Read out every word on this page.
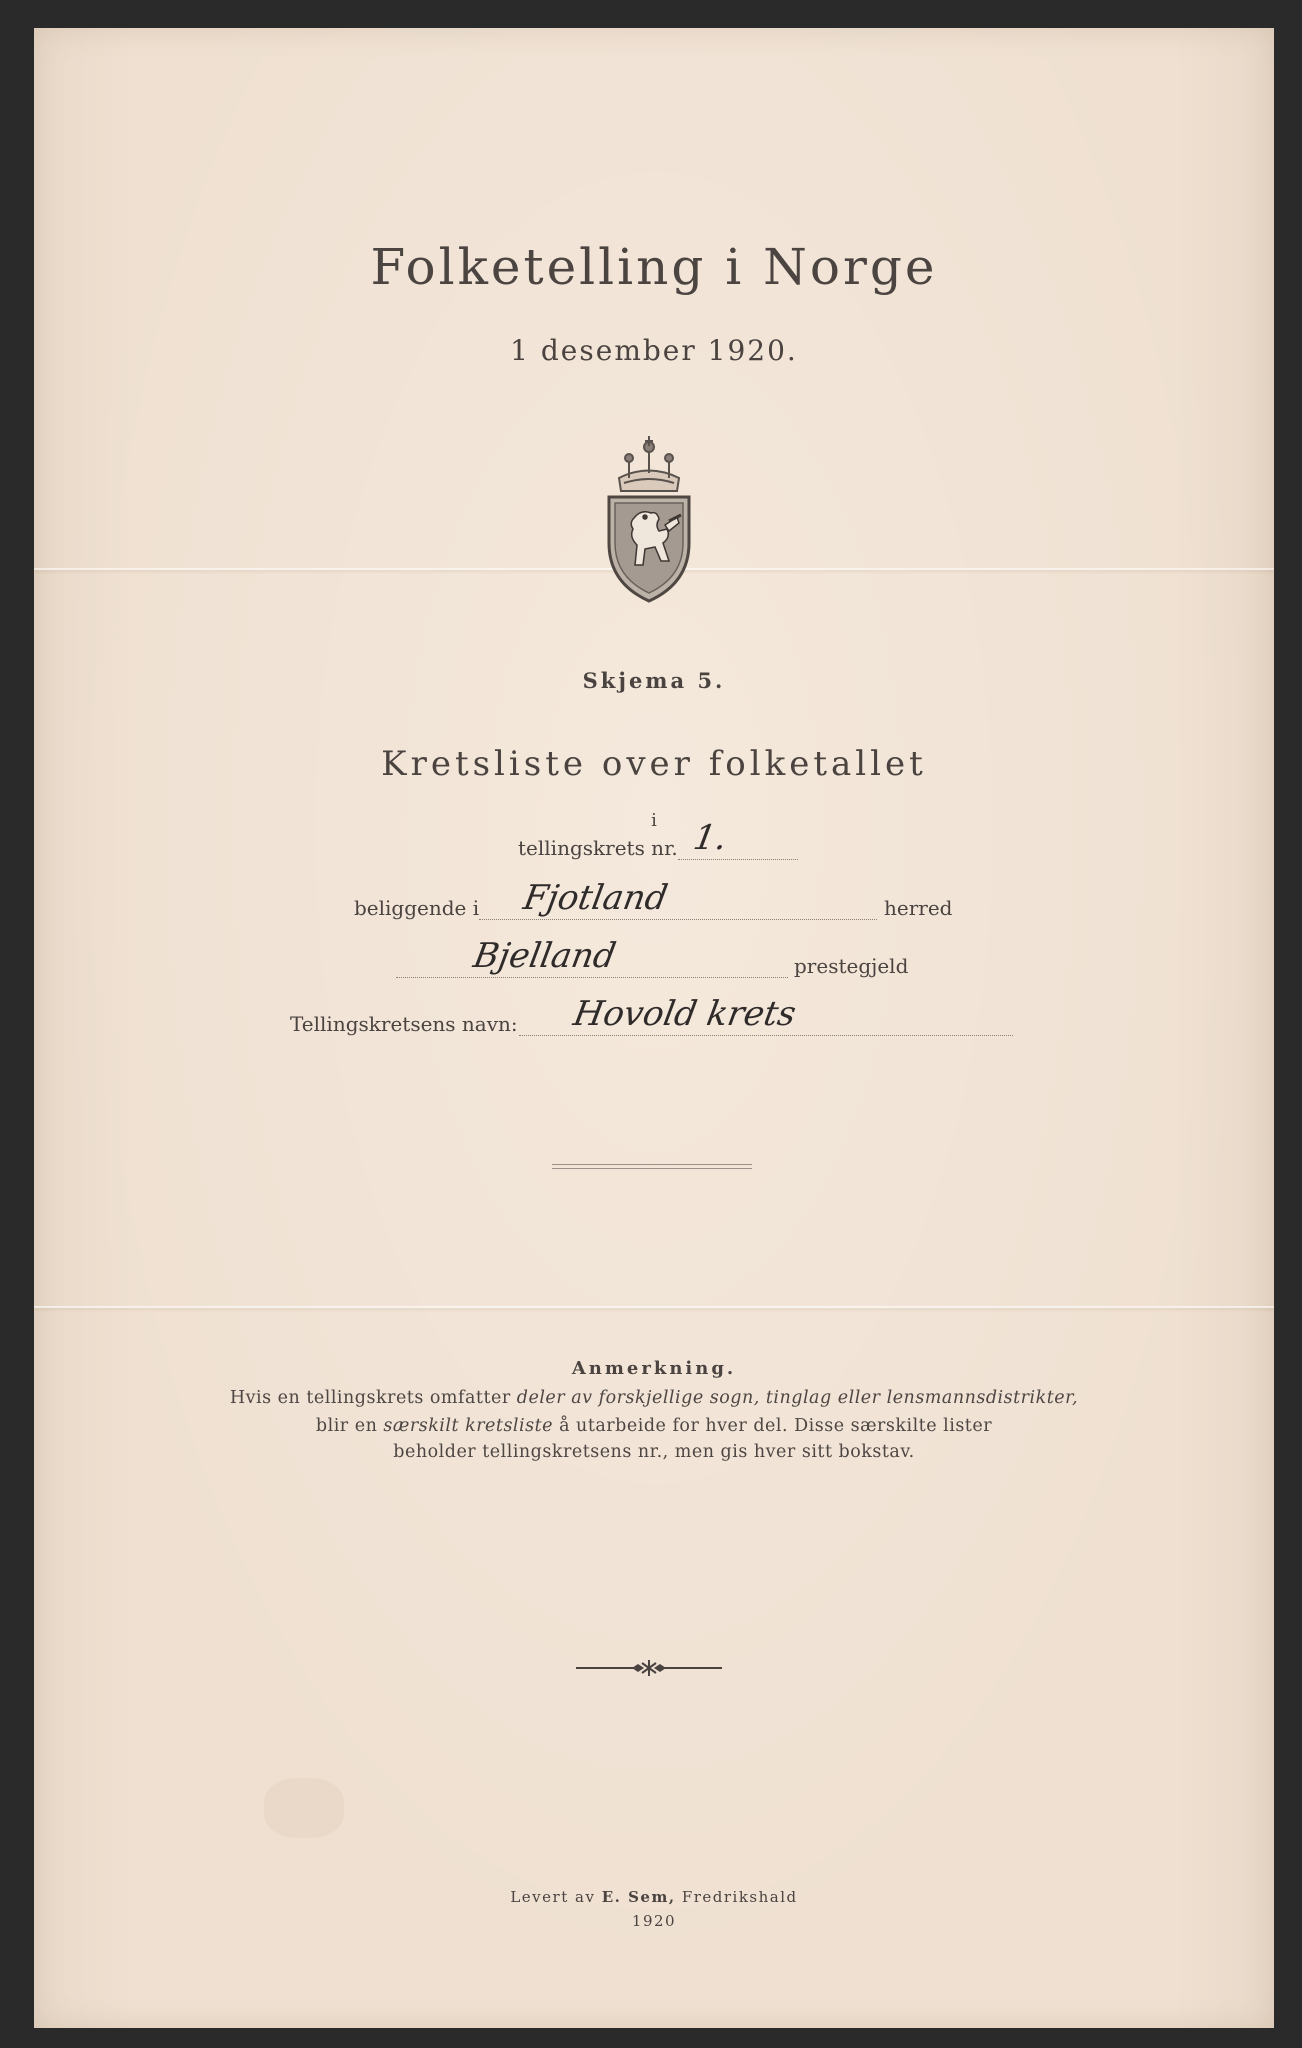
Folketelling i Norge
1 desember 1920.
Skjema 5.
Kretsliste over folketallet
i
tellingskrets nr. 1.
beliggende i Fjotland	herred
Bjelland	prestegjeld
Tellingskretsens navn: Hovold krets
Anmerkning.
Hvis en tellingskrets omfatter deler av forskjellige sogn, tinglag eller lensmannsdistrikter,
blir en særskilt kretsliste å utarbeide for hver del. Disse særskilte lister
beholder tellingskretsens nr., men gis hver sitt bokstav.
Levert av E. Sem, Fredrikshald
1920
